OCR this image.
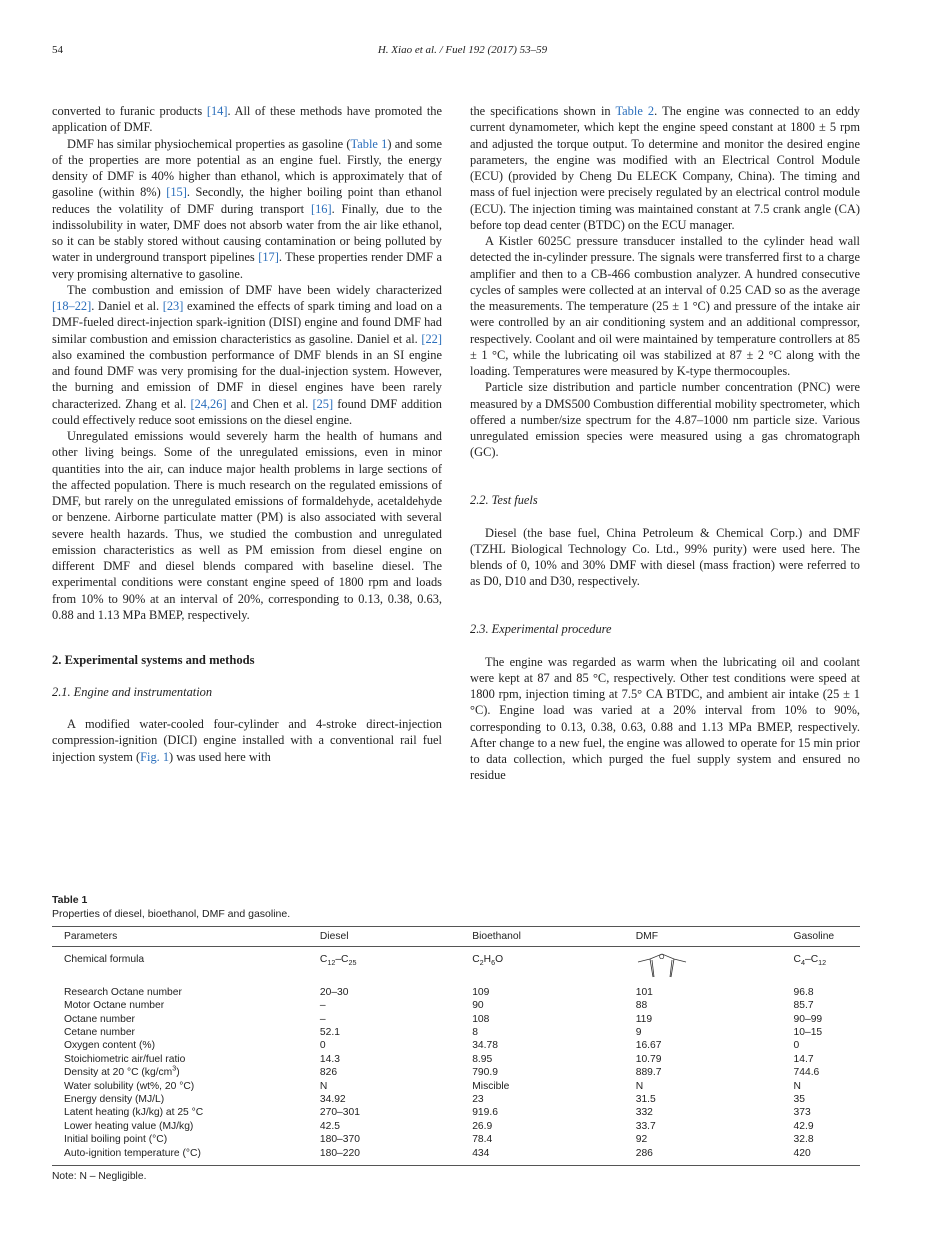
54	H. Xiao et al. / Fuel 192 (2017) 53–59

converted to furanic products [14]. All of these methods have promoted the application of DMF.

DMF has similar physiochemical properties as gasoline (Table 1) and some of the properties are more potential as an engine fuel. Firstly, the energy density of DMF is 40% higher than ethanol, which is approximately that of gasoline (within 8%) [15]. Secondly, the higher boiling point than ethanol reduces the volatility of DMF during transport [16]. Finally, due to the indissolubility in water, DMF does not absorb water from the air like ethanol, so it can be stably stored without causing contamination or being polluted by water in underground transport pipelines [17]. These properties render DMF a very promising alternative to gasoline.

The combustion and emission of DMF have been widely characterized [18–22]. Daniel et al. [23] examined the effects of spark timing and load on a DMF-fueled direct-injection spark-ignition (DISI) engine and found DMF had similar combustion and emission characteristics as gasoline. Daniel et al. [22] also examined the combustion performance of DMF blends in an SI engine and found DMF was very promising for the dual-injection system. However, the burning and emission of DMF in diesel engines have been rarely characterized. Zhang et al. [24,26] and Chen et al. [25] found DMF addition could effectively reduce soot emissions on the diesel engine.

Unregulated emissions would severely harm the health of humans and other living beings. Some of the unregulated emissions, even in minor quantities into the air, can induce major health problems in large sections of the affected population. There is much research on the regulated emissions of DMF, but rarely on the unregulated emissions of formaldehyde, acetaldehyde or benzene. Airborne particulate matter (PM) is also associated with several severe health hazards. Thus, we studied the combustion and unregulated emission characteristics as well as PM emission from diesel engine on different DMF and diesel blends compared with baseline diesel. The experimental conditions were constant engine speed of 1800 rpm and loads from 10% to 90% at an interval of 20%, corresponding to 0.13, 0.38, 0.63, 0.88 and 1.13 MPa BMEP, respectively.

2. Experimental systems and methods
2.1. Engine and instrumentation

A modified water-cooled four-cylinder and 4-stroke direct-injection compression-ignition (DICI) engine installed with a conventional rail fuel injection system (Fig. 1) was used here with

the specifications shown in Table 2. The engine was connected to an eddy current dynamometer, which kept the engine speed constant at 1800 ± 5 rpm and adjusted the torque output. To determine and monitor the desired engine parameters, the engine was modified with an Electrical Control Module (ECU) (provided by Cheng Du ELECK Company, China). The timing and mass of fuel injection were precisely regulated by an electrical control module (ECU). The injection timing was maintained constant at 7.5 crank angle (CA) before top dead center (BTDC) on the ECU manager.

A Kistler 6025C pressure transducer installed to the cylinder head wall detected the in-cylinder pressure. The signals were transferred first to a charge amplifier and then to a CB-466 combustion analyzer. A hundred consecutive cycles of samples were collected at an interval of 0.25 CAD so as the average the measurements. The temperature (25 ± 1 °C) and pressure of the intake air were controlled by an air conditioning system and an additional compressor, respectively. Coolant and oil were maintained by temperature controllers at 85 ± 1 °C, while the lubricating oil was stabilized at 87 ± 2 °C along with the loading. Temperatures were measured by K-type thermocouples.

Particle size distribution and particle number concentration (PNC) were measured by a DMS500 Combustion differential mobility spectrometer, which offered a number/size spectrum for the 4.87–1000 nm particle size. Various unregulated emission species were measured using a gas chromatograph (GC).

2.2. Test fuels

Diesel (the base fuel, China Petroleum & Chemical Corp.) and DMF (TZHL Biological Technology Co. Ltd., 99% purity) were used here. The blends of 0, 10% and 30% DMF with diesel (mass fraction) were referred to as D0, D10 and D30, respectively.

2.3. Experimental procedure

The engine was regarded as warm when the lubricating oil and coolant were kept at 87 and 85 °C, respectively. Other test conditions were speed at 1800 rpm, injection timing at 7.5° CA BTDC, and ambient air intake (25 ± 1 °C). Engine load was varied at a 20% interval from 10% to 90%, corresponding to 0.13, 0.38, 0.63, 0.88 and 1.13 MPa BMEP, respectively. After change to a new fuel, the engine was allowed to operate for 15 min prior to data collection, which purged the fuel supply system and ensured no residue

Table 1
Properties of diesel, bioethanol, DMF and gasoline.
Parameters	Diesel	Bioethanol	DMF	Gasoline
Chemical formula	$C_{12}-C_{25}$	$C_2H_6O$	O	$C_4-C_{12}$
Research Octane number	20–30	109	101	96.8
Motor Octane number	–	90	88	85.7
Octane number	–	108	119	90–99
Cetane number	52.1	8	9	10–15
Oxygen content (%)	0	34.78	16.67	0
Stoichiometric air/fuel ratio	14.3	8.95	10.79	14.7
Density at 20 °C $(kg/cm^3)$	826	790.9	889.7	744.6
Water solubility (wt%, 20 °C)	N	Miscible	N	N
Energy density (MJ/L)	34.92	23	31.5	35
Latent heating (kJ/kg) at 25 °C	270–301	919.6	332	373
Lower heating value (MJ/kg)	42.5	26.9	33.7	42.9
Initial boiling point (°C)	180–370	78.4	92	32.8
Auto-ignition temperature (°C)	180–220	434	286	420
Note: N – Negligible.
